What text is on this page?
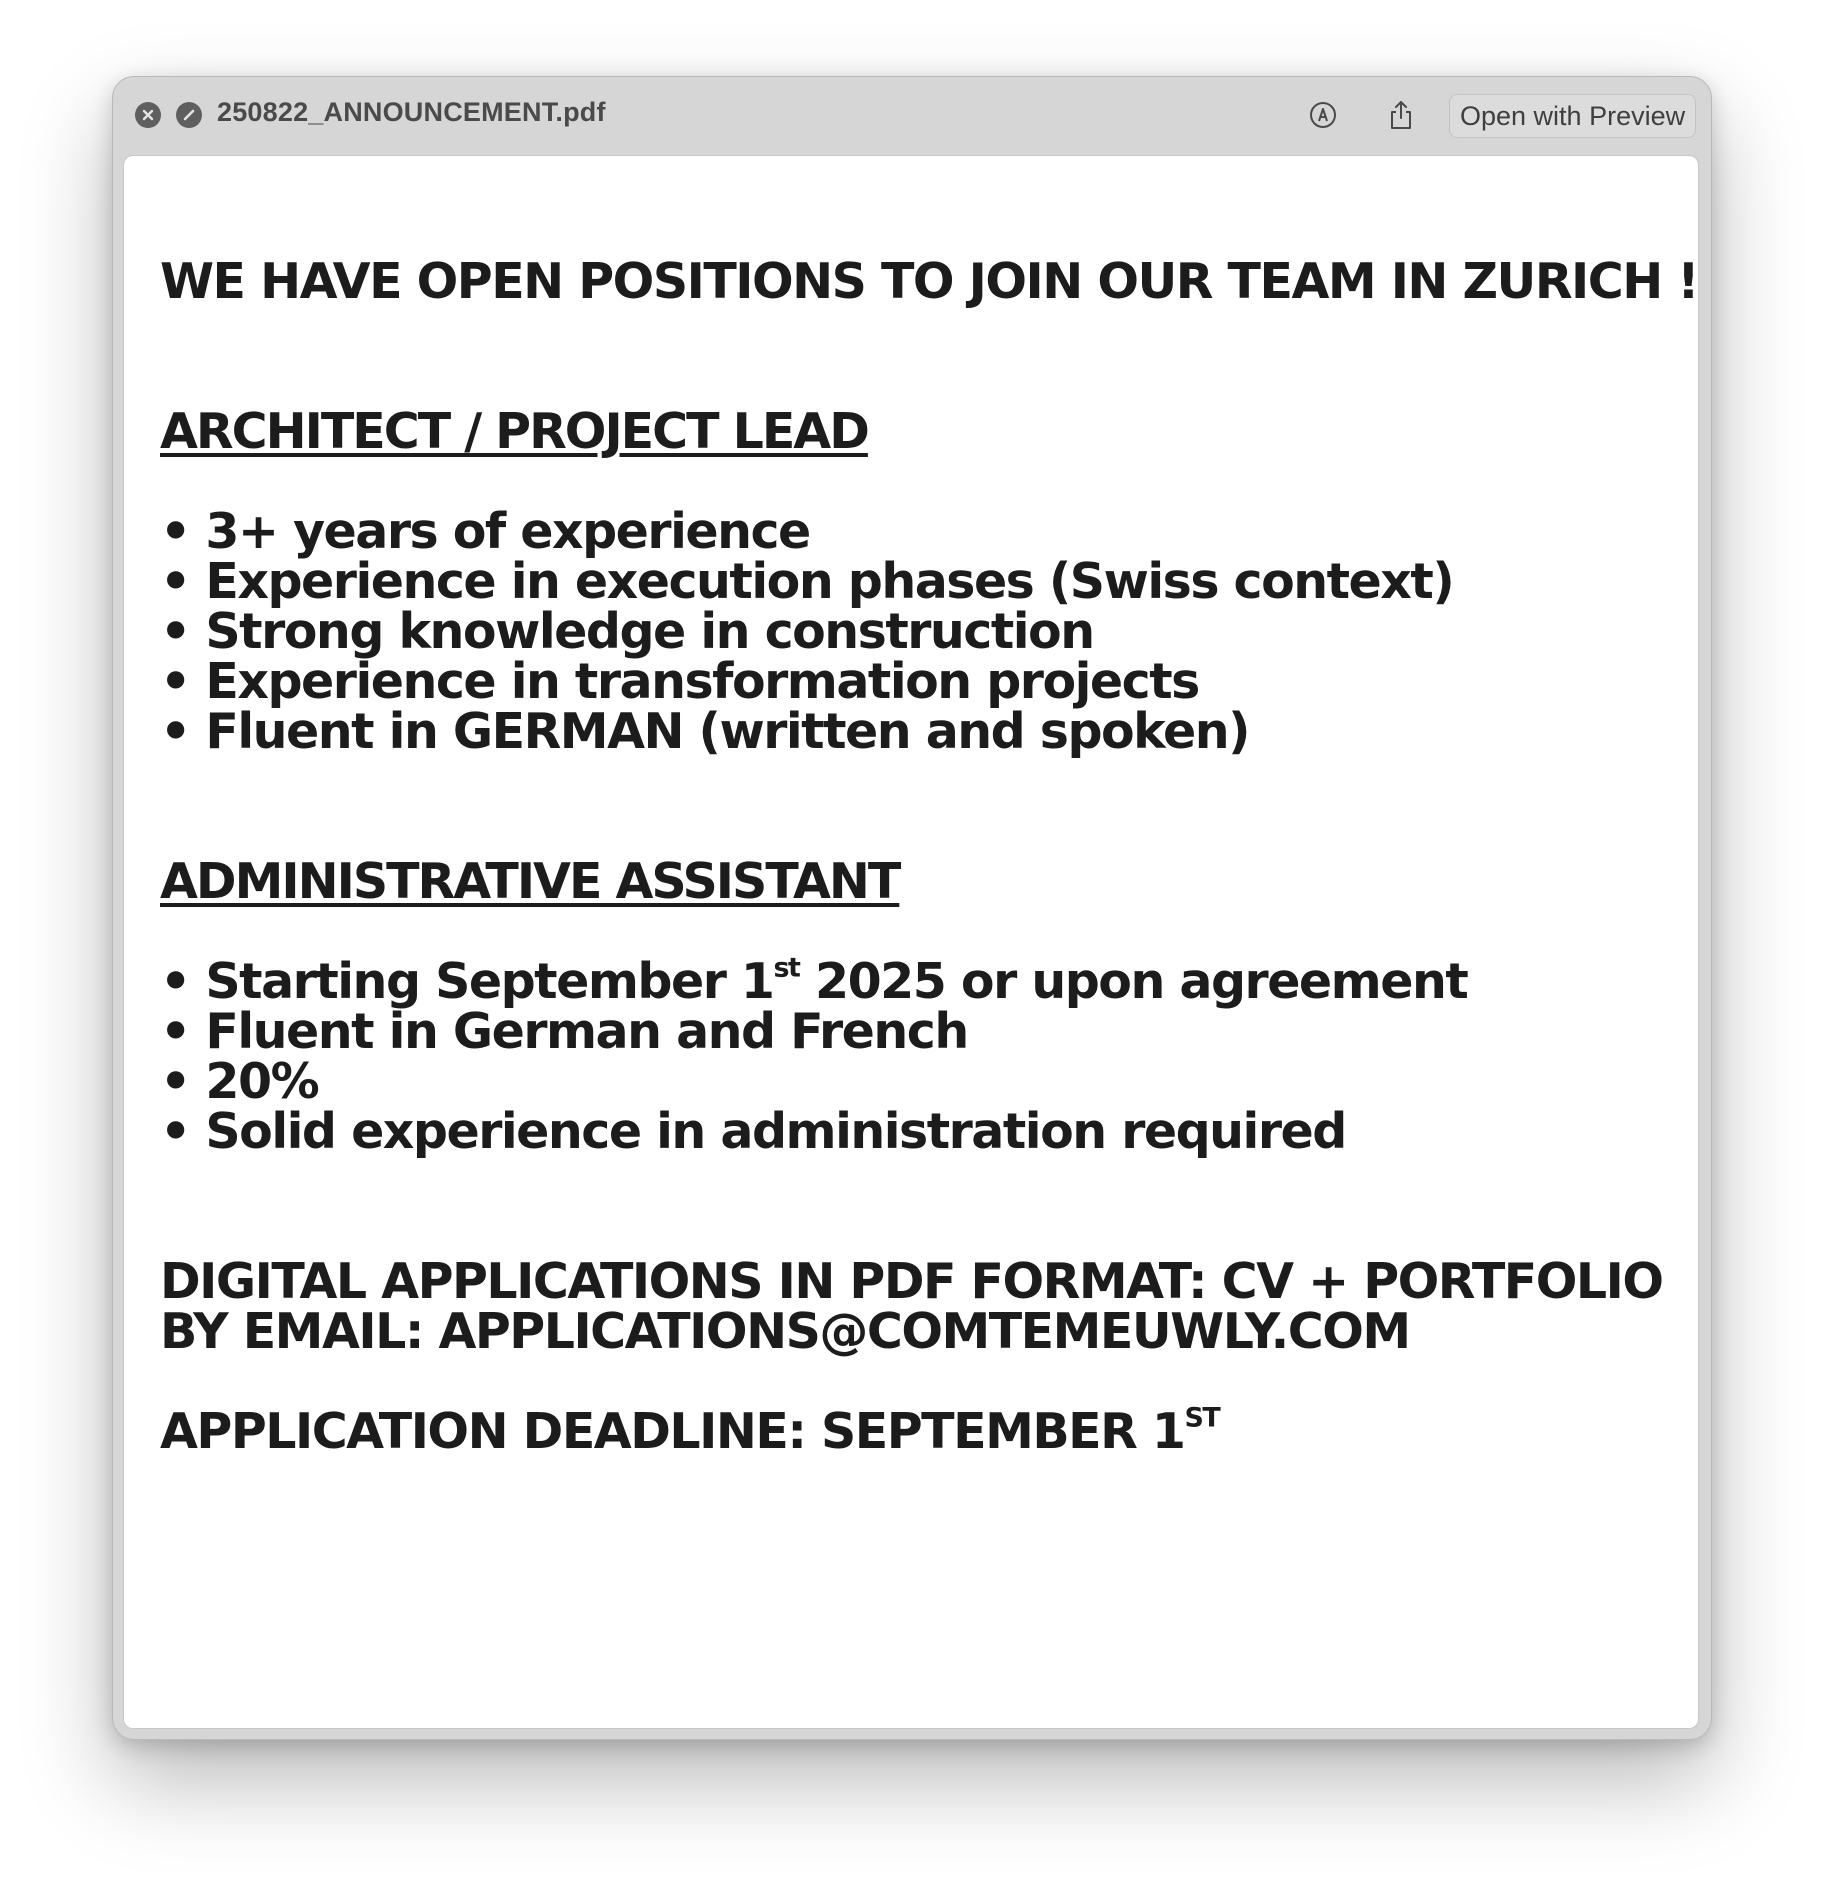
250822_ANNOUNCEMENT.pdf	Open with Preview
WE HAVE OPEN POSITIONS TO JOIN OUR TEAM IN ZURICH !
ARCHITECT / PROJECT LEAD
• 3+ years of experience
• Experience in execution phases (Swiss context)
• Strong knowledge in construction
• Experience in transformation projects
• Fluent in GERMAN (written and spoken)
ADMINISTRATIVE ASSISTANT
• Starting September 1st 2025 or upon agreement
• Fluent in German and French
• 20%
• Solid experience in administration required
DIGITAL APPLICATIONS IN PDF FORMAT: CV + PORTFOLIO
BY EMAIL: APPLICATIONS@COMTEMEUWLY.COM
APPLICATION DEADLINE: SEPTEMBER 1ST
